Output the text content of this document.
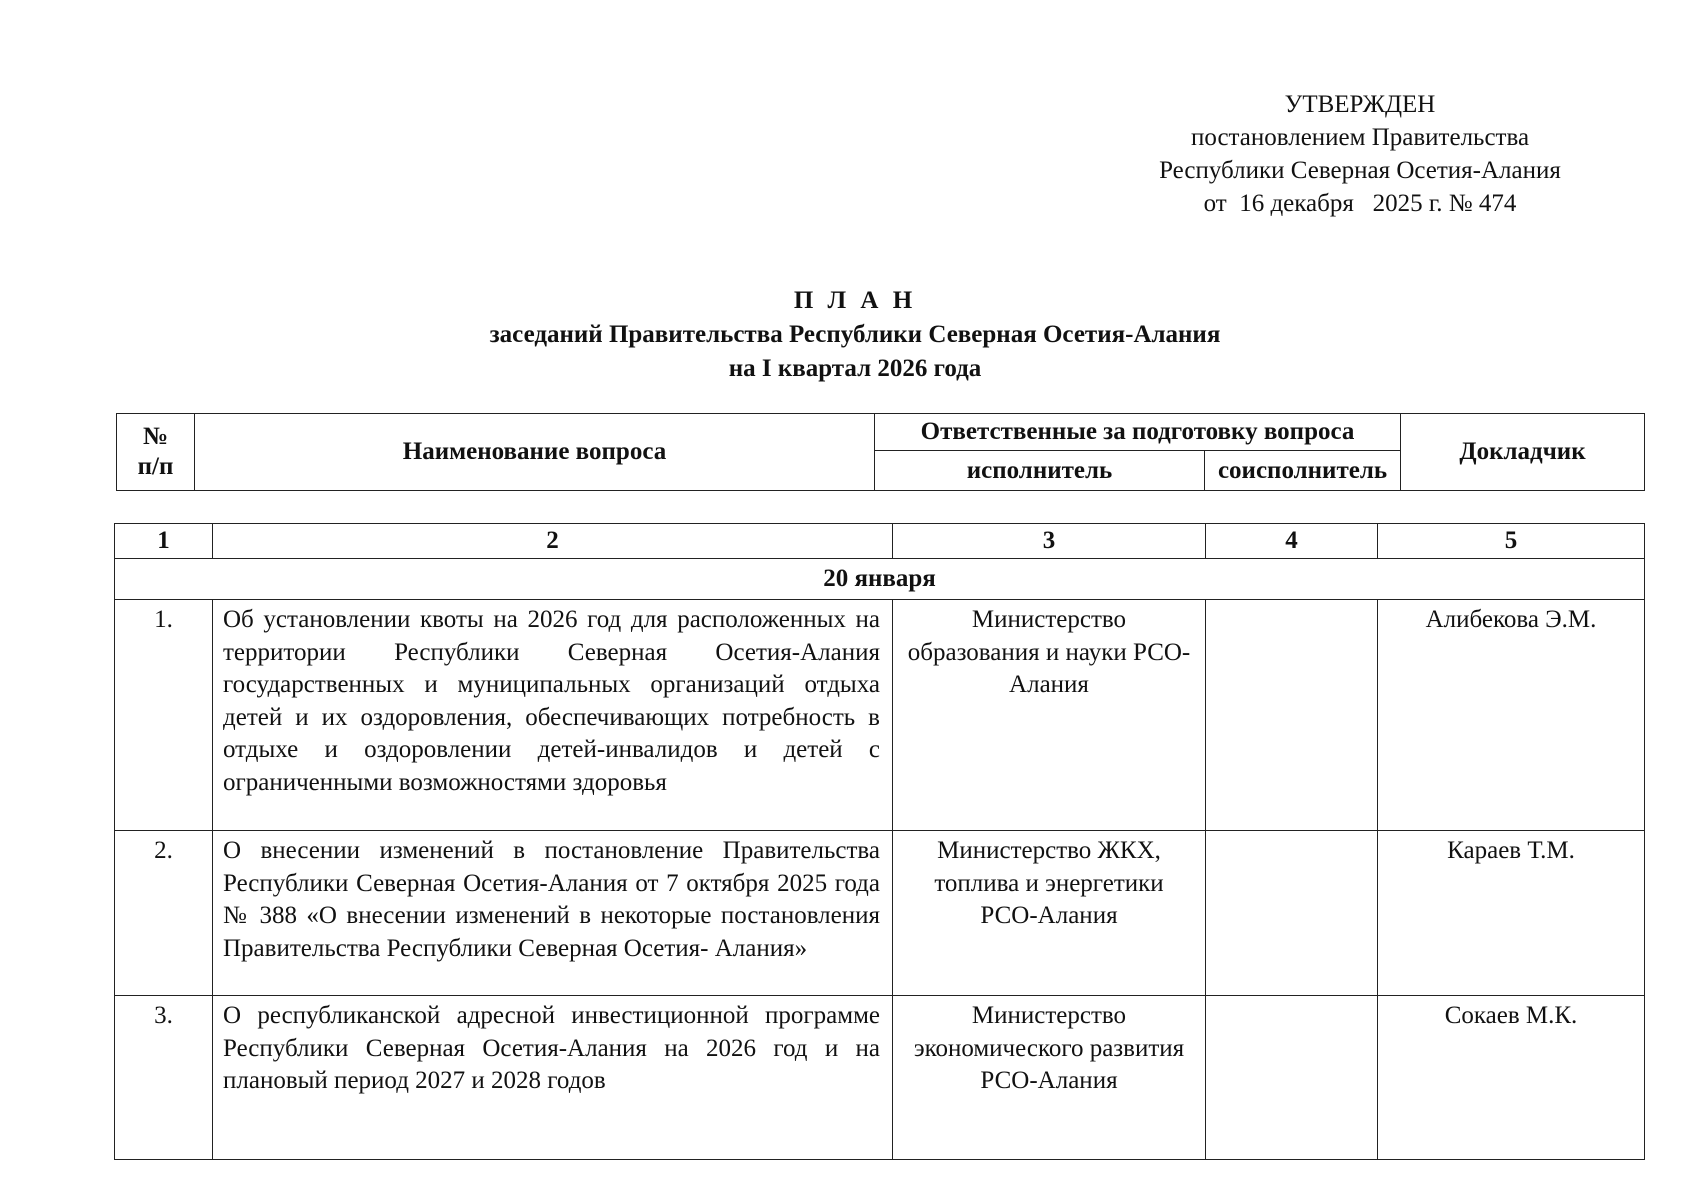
УТВЕРЖДЕН
постановлением Правительства
Республики Северная Осетия-Алания
от  16 декабря   2025 г. № 474
П Л А Н
заседаний Правительства Республики Северная Осетия-Алания
на I квартал 2026 года
№
п/п	Наименование вопроса	Ответственные за подготовку вопроса		Докладчик
		исполнитель	соисполнитель	
1	2	3	4	5
20 января				
1.	Об установлении квоты на 2026 год для расположенных на территории Республики Северная Осетия-Алания государственных и муниципальных организаций отдыха детей и их оздоровления, обеспечивающих потребность в отдыхе и оздоровлении детей-инвалидов и детей с ограниченными возможностями здоровья	Министерство образования и науки РСО-Алания		Алибекова Э.М.
2.	О внесении изменений в постановление Правительства Республики Северная Осетия-Алания от 7 октября 2025 года № 388 «О внесении изменений в некоторые постановления Правительства Республики Северная Осетия- Алания»	Министерство ЖКХ, топлива и энергетики РСО-Алания		Караев Т.М.
3.	О республиканской адресной инвестиционной программе Республики Северная Осетия-Алания на 2026 год и на плановый период 2027 и 2028 годов	Министерство экономического развития РСО-Алания		Сокаев М.К.
